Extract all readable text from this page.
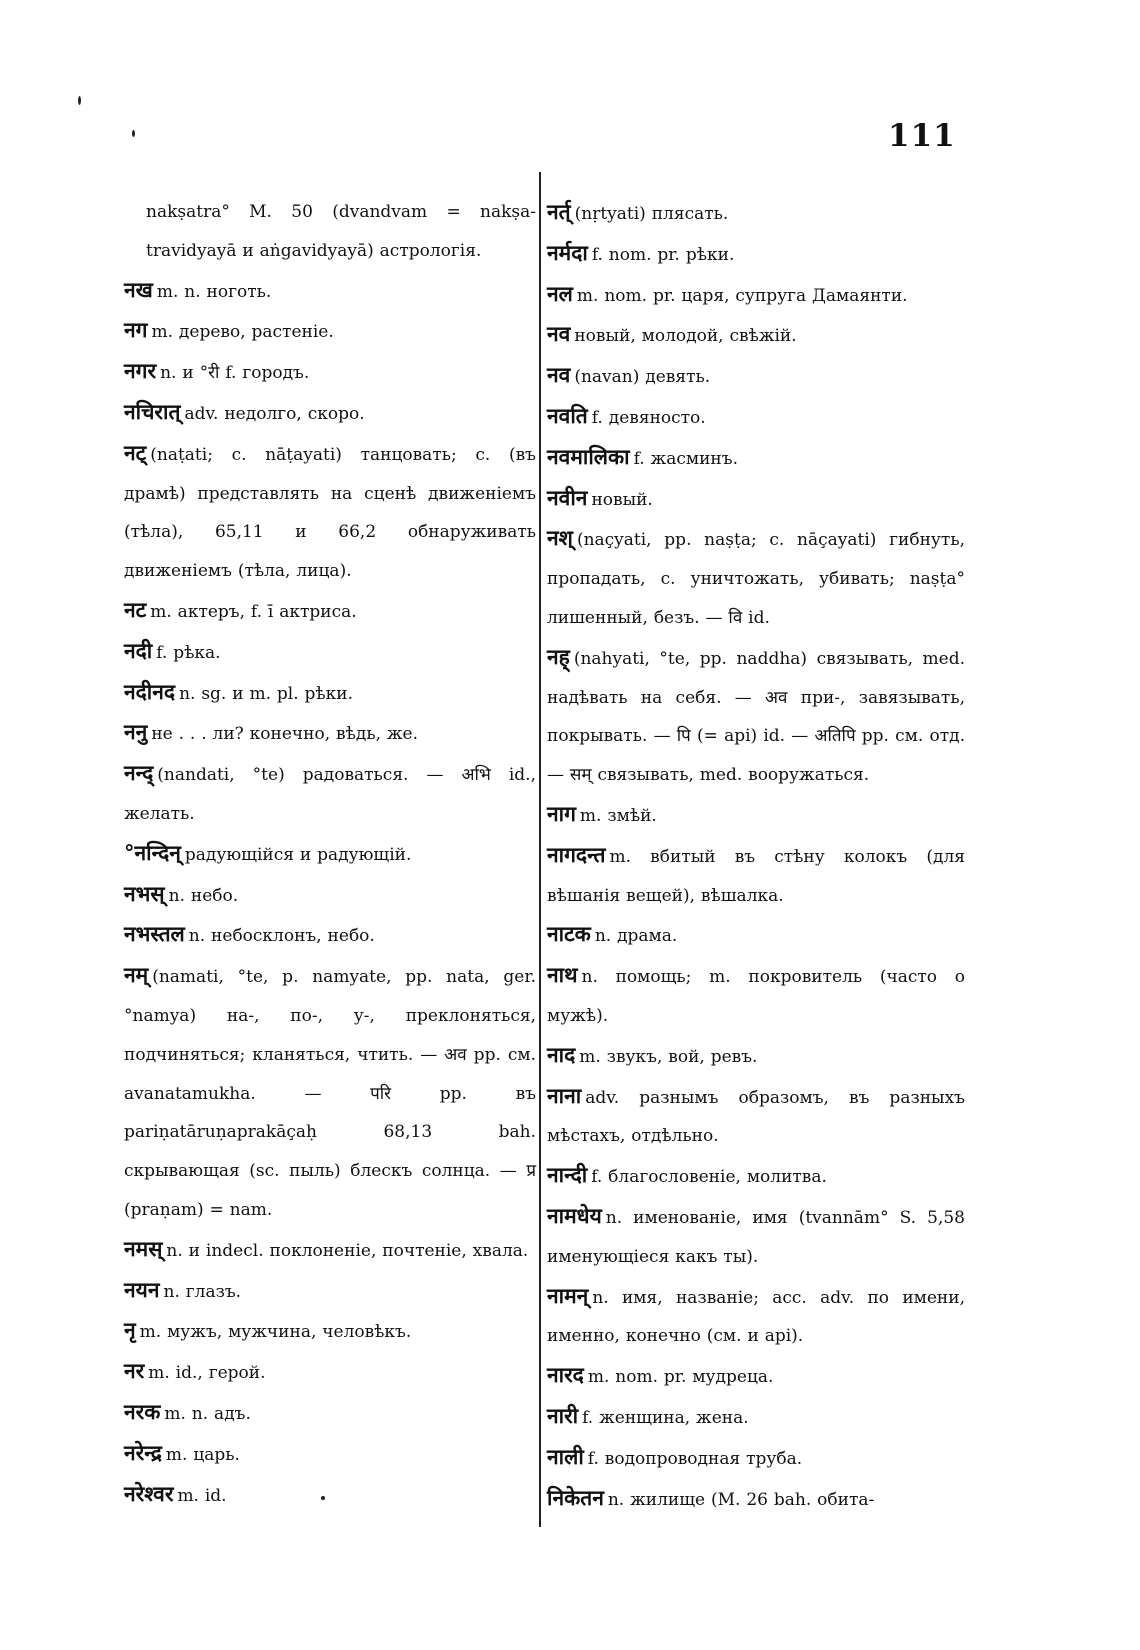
111

nakṣatra° M. 50 (dvandvam = nakṣa-travidyayā и aṅgavidyayā) астрологія.

नख m. n. ноготь.

नग m. дерево, растеніе.

नगर n. и °री f. городъ.

नचिरात् adv. недолго, скоро.

नट् (naṭati; c. nāṭayati) танцовать; c. (въ драмѣ) представлять на сценѣ движеніемъ (тѣла), 65,11 и 66,2 обнаруживать движеніемъ (тѣла, лица).

नट m. актеръ, f. ī актриса.

नदी f. рѣка.

नदीनद n. sg. и m. pl. рѣки.

ननु не . . . ли? конечно, вѣдь, же.

नन्द् (nandati, °te) радоваться. — अभि id., желать.

°नन्दिन् радующійся и радующій.

नभस् n. небо.

नभस्तल n. небосклонъ, небо.

नम् (namati, °te, p. namyate, pp. nata, ger. °namya) на-, по-, у-, преклоняться, подчиняться; кланяться, чтить. — अव pp. см. avanatamukha. — परि pp. въ pariṇatāruṇaprakāçaḥ 68,13 bah. скрывающая (sc. пыль) блескъ солнца. — प्र (praṇam) = nam.

नमस् n. и indecl. поклоненіе, почтеніе, хвала.

नयन n. глазъ.

नृ m. мужъ, мужчина, человѣкъ.

नर m. id., герой.

नरक m. n. адъ.

नरेन्द्र m. царь.

नरेश्वर m. id.

नर्त् (nṛtyati) плясать.

नर्मदा f. nom. pr. рѣки.

नल m. nom. pr. царя, супруга Дамаянти.

नव новый, молодой, свѣжій.

नव (navan) девять.

नवति f. девяносто.

नवमालिका f. жасминъ.

नवीन новый.

नश् (naçyati, pp. naṣṭa; c. nāçayati) гибнуть, пропадать, c. уничтожать, убивать; naṣṭa° лишенный, безъ. — वि id.

नह् (nahyati, °te, pp. naddha) связывать, med. надѣвать на себя. — अव при-, завязывать, покрывать. — पि (= api) id. — अतिपि pp. см. отд. — सम् связывать, med. вооружаться.

नाग m. змѣй.

नागदन्त m. вбитый въ стѣну колокъ (для вѣшанія вещей), вѣшалка.

नाटक n. драма.

नाथ n. помощь; m. покровитель (часто о мужѣ).

नाद m. звукъ, вой, ревъ.

नाना adv. разнымъ образомъ, въ разныхъ мѣстахъ, отдѣльно.

नान्दी f. благословеніе, молитва.

नामधेय n. именованіе, имя (tvannām° S. 5,58 именующіеся какъ ты).

नामन् n. имя, названіе; acc. adv. по имени, именно, конечно (см. и api).

नारद m. nom. pr. мудреца.

नारी f. женщина, жена.

नाली f. водопроводная труба.

निकेतन n. жилище (M. 26 bah. обита-
